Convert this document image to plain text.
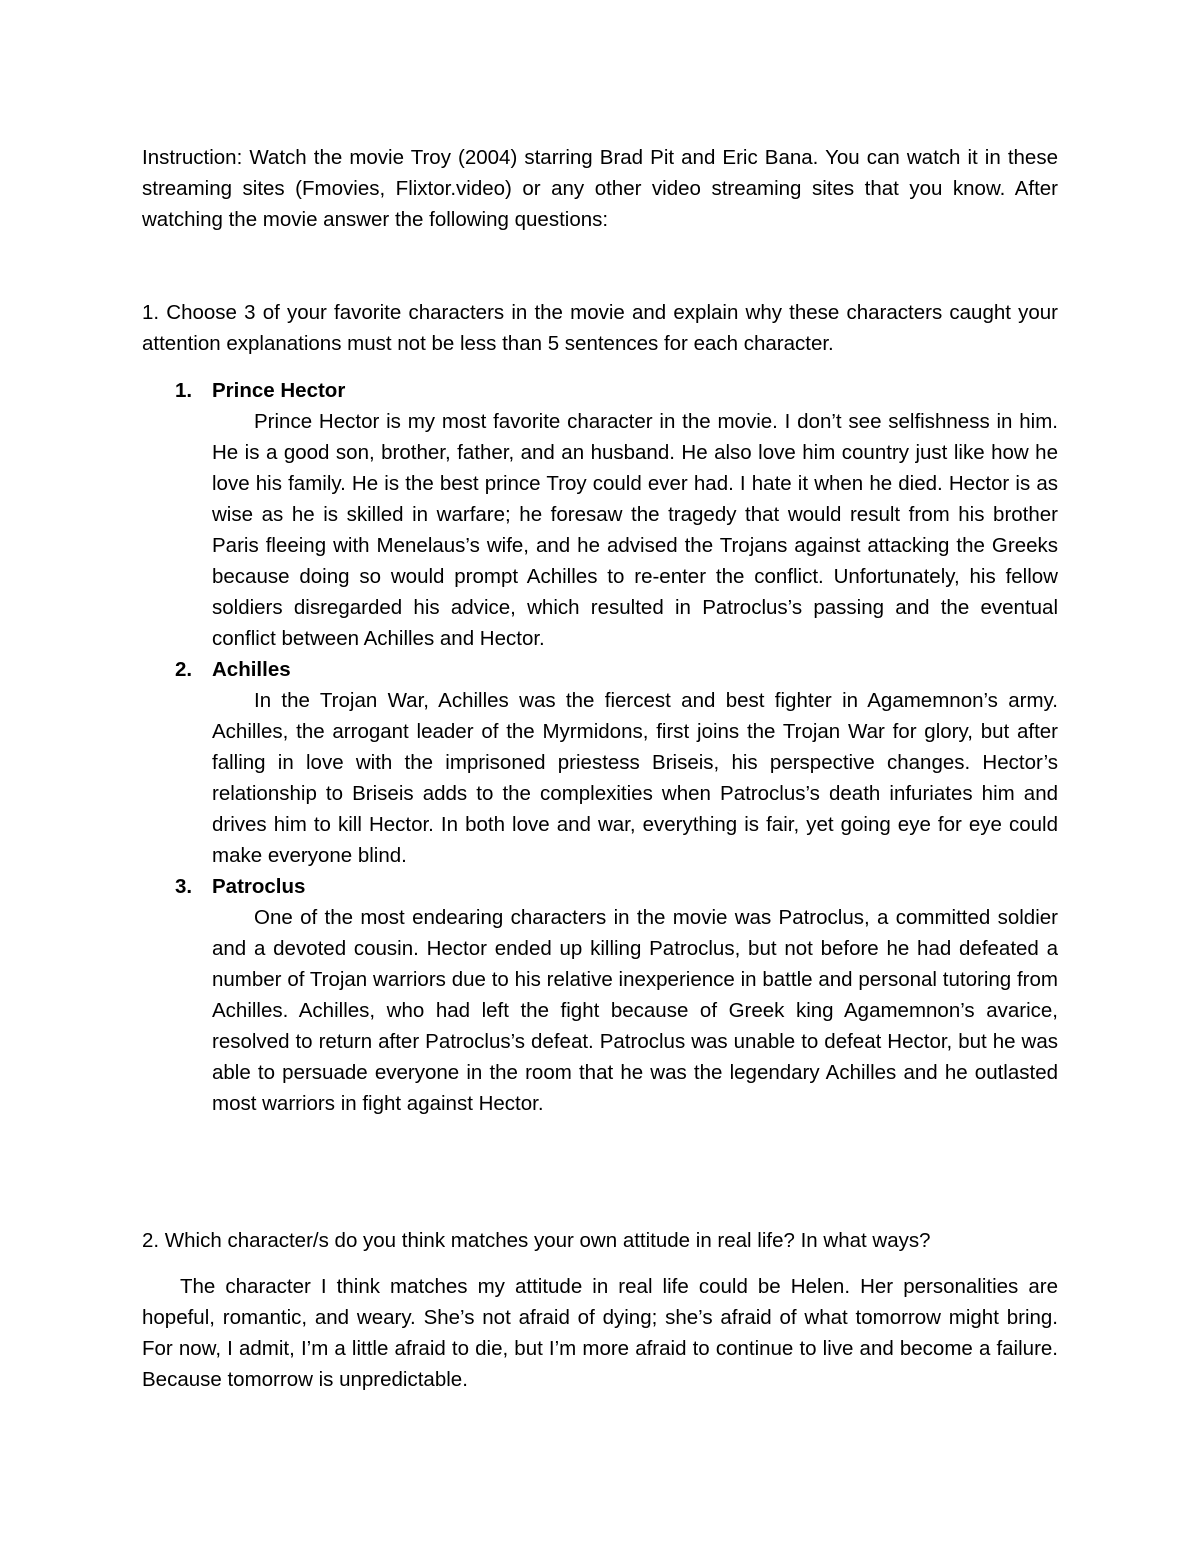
Instruction: Watch the movie Troy (2004) starring Brad Pit and Eric Bana. You can watch it in these streaming sites (Fmovies, Flixtor.video) or any other video streaming sites that you know. After watching the movie answer the following questions:

1. Choose 3 of your favorite characters in the movie and explain why these characters caught your attention explanations must not be less than 5 sentences for each character.

1. Prince Hector

Prince Hector is my most favorite character in the movie. I don’t see selfishness in him. He is a good son, brother, father, and an husband. He also love him country just like how he love his family. He is the best prince Troy could ever had. I hate it when he died. Hector is as wise as he is skilled in warfare; he foresaw the tragedy that would result from his brother Paris fleeing with Menelaus’s wife, and he advised the Trojans against attacking the Greeks because doing so would prompt Achilles to re-enter the conflict. Unfortunately, his fellow soldiers disregarded his advice, which resulted in Patroclus’s passing and the eventual conflict between Achilles and Hector.

2. Achilles

In the Trojan War, Achilles was the fiercest and best fighter in Agamemnon’s army. Achilles, the arrogant leader of the Myrmidons, first joins the Trojan War for glory, but after falling in love with the imprisoned priestess Briseis, his perspective changes. Hector’s relationship to Briseis adds to the complexities when Patroclus’s death infuriates him and drives him to kill Hector. In both love and war, everything is fair, yet going eye for eye could make everyone blind.

3. Patroclus

One of the most endearing characters in the movie was Patroclus, a committed soldier and a devoted cousin. Hector ended up killing Patroclus, but not before he had defeated a number of Trojan warriors due to his relative inexperience in battle and personal tutoring from Achilles. Achilles, who had left the fight because of Greek king Agamemnon’s avarice, resolved to return after Patroclus’s defeat. Patroclus was unable to defeat Hector, but he was able to persuade everyone in the room that he was the legendary Achilles and he outlasted most warriors in fight against Hector.

2. Which character/s do you think matches your own attitude in real life? In what ways?

The character I think matches my attitude in real life could be Helen. Her personalities are hopeful, romantic, and weary. She’s not afraid of dying; she’s afraid of what tomorrow might bring. For now, I admit, I’m a little afraid to die, but I’m more afraid to continue to live and become a failure. Because tomorrow is unpredictable.
